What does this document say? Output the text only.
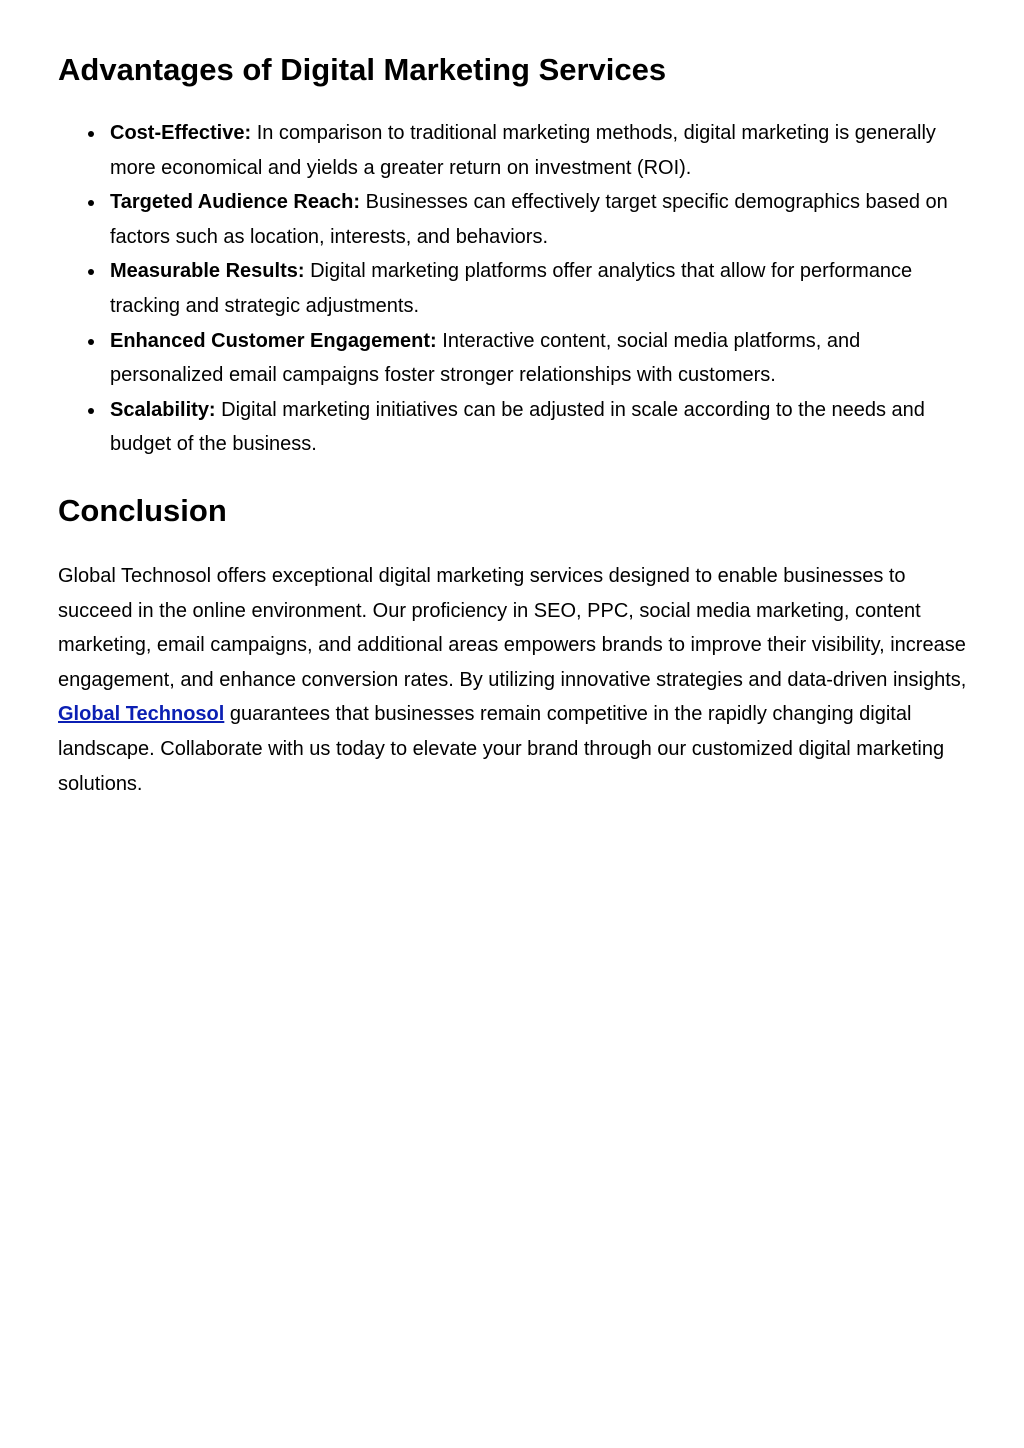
Advantages of Digital Marketing Services
Cost-Effective: In comparison to traditional marketing methods, digital marketing is generally more economical and yields a greater return on investment (ROI).
Targeted Audience Reach: Businesses can effectively target specific demographics based on factors such as location, interests, and behaviors.
Measurable Results: Digital marketing platforms offer analytics that allow for performance tracking and strategic adjustments.
Enhanced Customer Engagement: Interactive content, social media platforms, and personalized email campaigns foster stronger relationships with customers.
Scalability: Digital marketing initiatives can be adjusted in scale according to the needs and budget of the business.
Conclusion

Global Technosol offers exceptional digital marketing services designed to enable businesses to succeed in the online environment. Our proficiency in SEO, PPC, social media marketing, content marketing, email campaigns, and additional areas empowers brands to improve their visibility, increase engagement, and enhance conversion rates. By utilizing innovative strategies and data-driven insights, Global Technosol guarantees that businesses remain competitive in the rapidly changing digital landscape. Collaborate with us today to elevate your brand through our customized digital marketing solutions.
